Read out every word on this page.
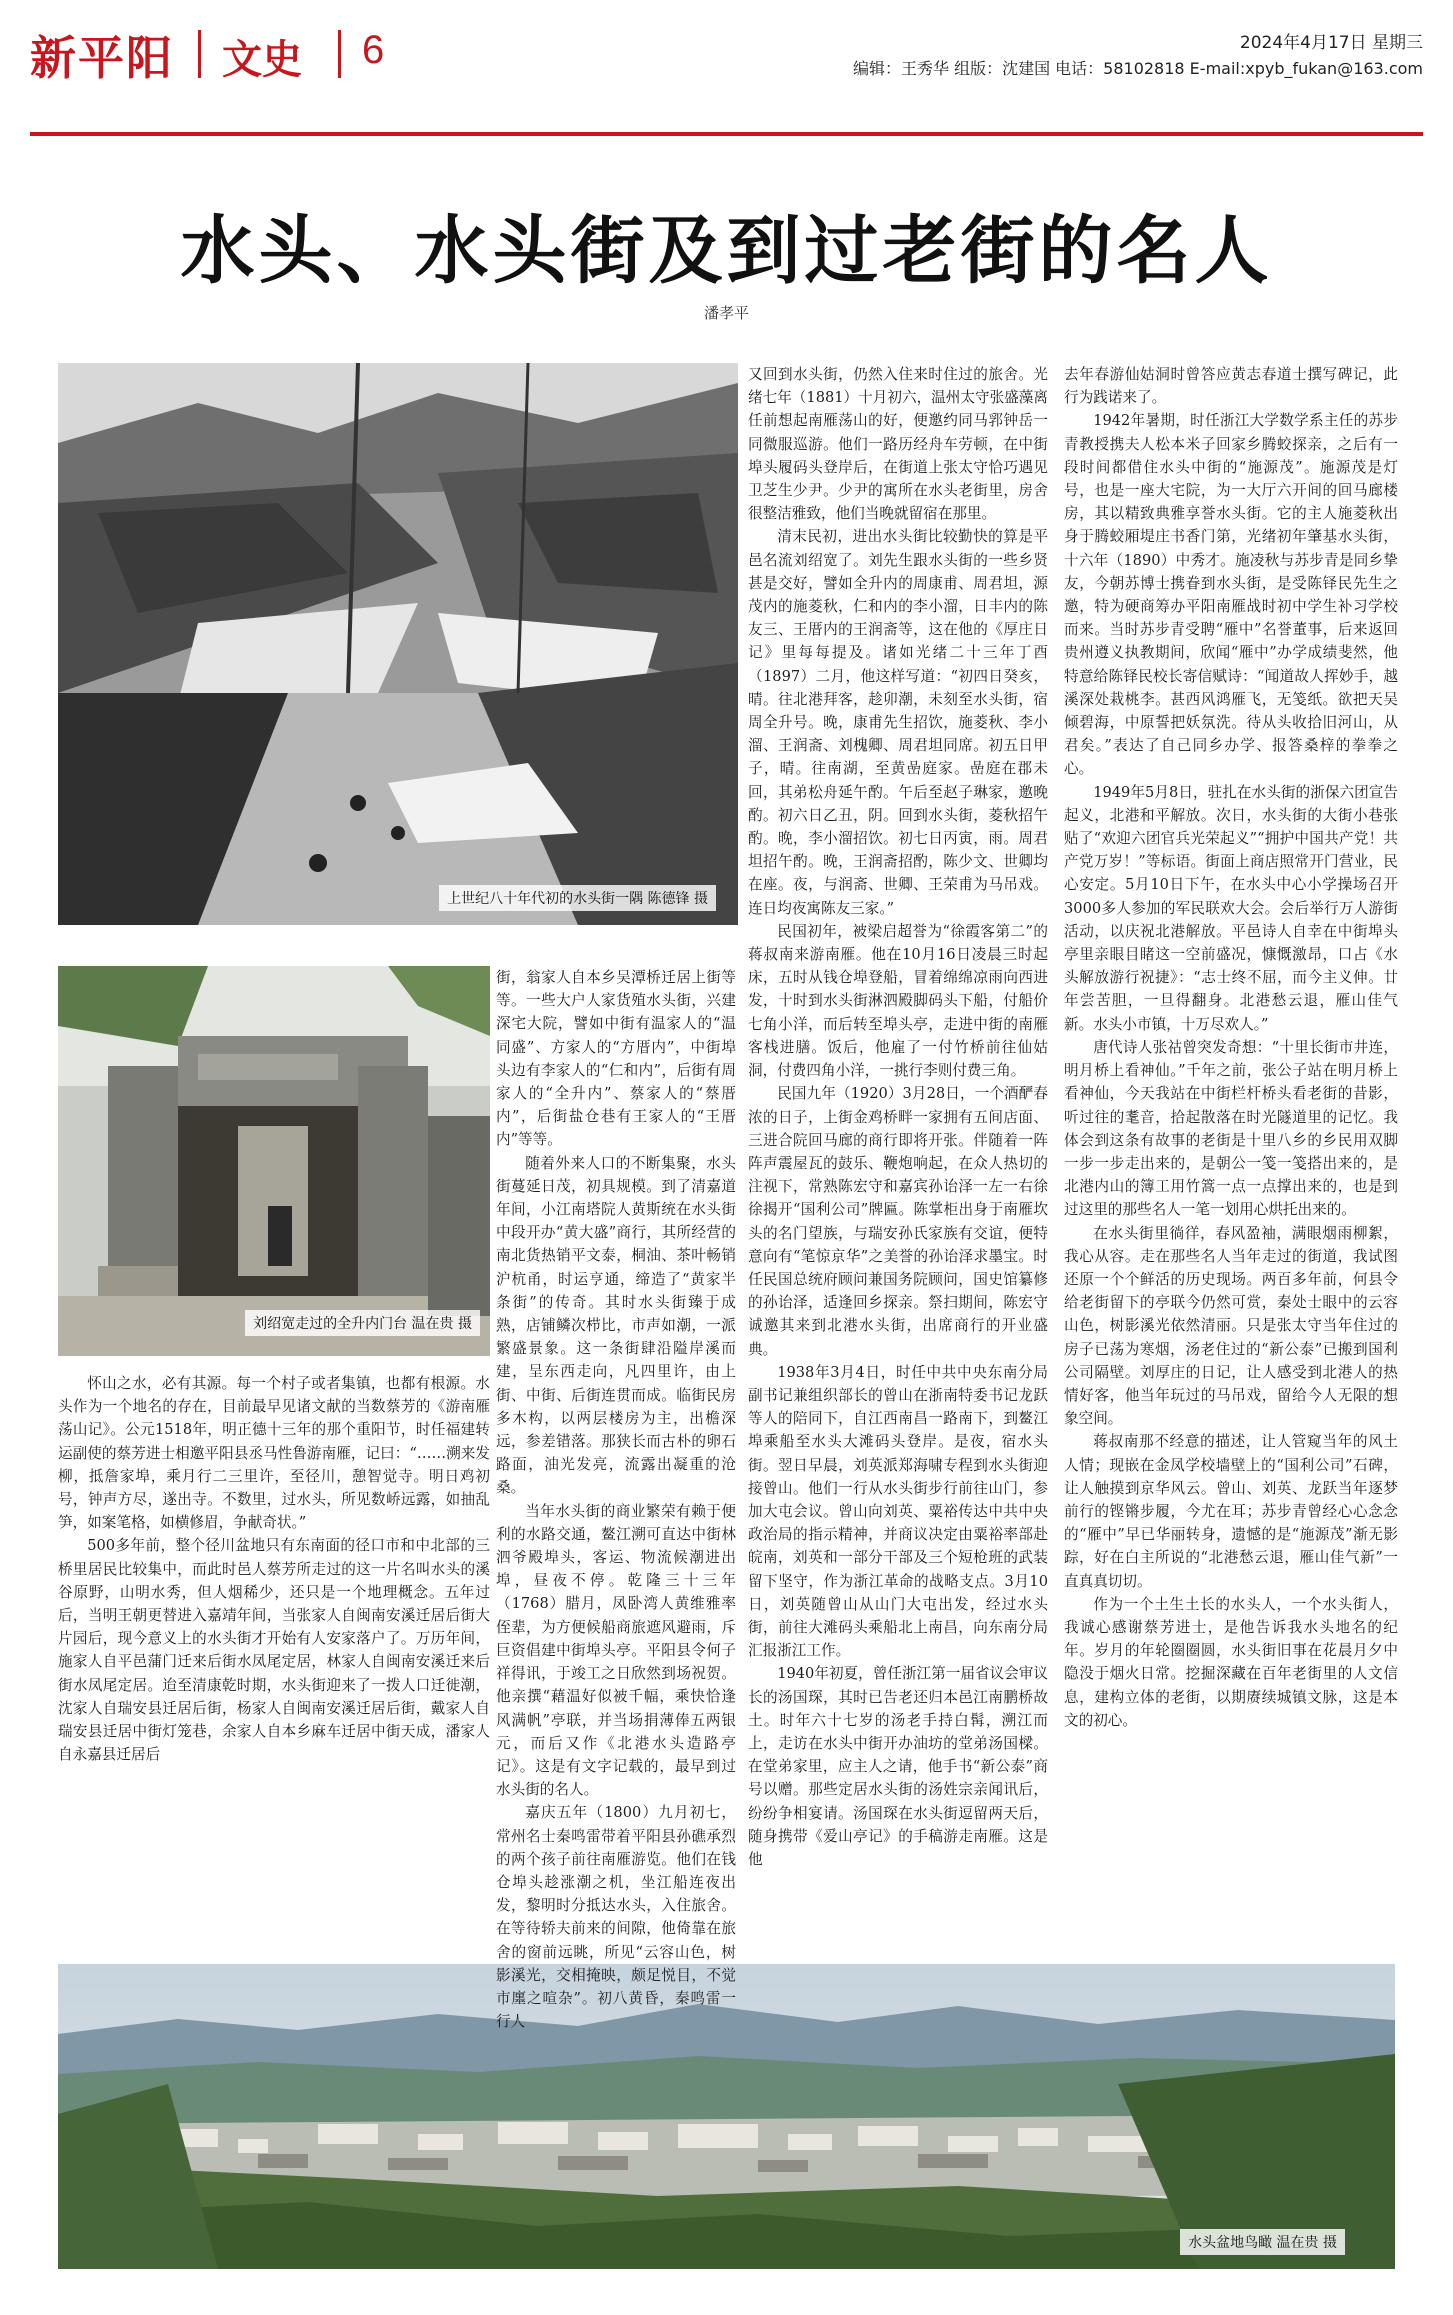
新平阳 文史 6	2024年4月17日 星期三
编辑：王秀华 组版：沈建国 电话：58102818 E-mail:xpyb_fukan@163.com
水头、水头街及到过老街的名人
潘孝平
上世纪八十年代初的水头街一隅 陈德锋 摄
刘绍宽走过的全升内门台 温在贵 摄
水头盆地鸟瞰 温在贵 摄

怀山之水，必有其源。每一个村子或者集镇，也都有根源。水头作为一个地名的存在，目前最早见诸文献的当数蔡芳的《游南雁荡山记》。公元1518年，明正德十三年的那个重阳节，时任福建转运副使的蔡芳进士相邀平阳县丞马性鲁游南雁，记曰：“……溯来发柳，抵詹家埠，乘月行二三里许，至径川，憩智觉寺。明日鸡初号，钟声方尽，遂出寺。不数里，过水头，所见数峤远露，如抽乱笋，如案笔格，如横修眉，争献奇状。”

500多年前，整个径川盆地只有东南面的径口市和中北部的三桥里居民比较集中，而此时邑人蔡芳所走过的这一片名叫水头的溪谷原野，山明水秀，但人烟稀少，还只是一个地理概念。五年过后，当明王朝更替进入嘉靖年间，当张家人自闽南安溪迁居后街大片园后，现今意义上的水头街才开始有人安家落户了。万历年间，施家人自平邑蒲门迁来后街水凤尾定居，林家人自闽南安溪迁来后街水凤尾定居。迨至清康乾时期，水头街迎来了一拨人口迁徙潮，沈家人自瑞安县迁居后街，杨家人自闽南安溪迁居后街，戴家人自瑞安县迁居中街灯笼巷，余家人自本乡麻车迁居中街天成，潘家人自永嘉县迁居后

街，翁家人自本乡吴潭桥迁居上街等等。一些大户人家货殖水头街，兴建深宅大院，譬如中街有温家人的“温同盛”、方家人的“方厝内”，中街埠头边有李家人的“仁和内”，后街有周家人的“全升内”、蔡家人的“蔡厝内”，后街盐仓巷有王家人的“王厝内”等等。

随着外来人口的不断集聚，水头街蔓延日茂，初具规模。到了清嘉道年间，小江南塔院人黄斯统在水头街中段开办“黄大盛”商行，其所经营的南北货热销平文泰，桐油、茶叶畅销沪杭甬，时运亨通，缔造了“黄家半条街”的传奇。其时水头街臻于成熟，店铺鳞次栉比，市声如潮，一派繁盛景象。这一条街肆沿隘岸溪而建，呈东西走向，凡四里许，由上街、中街、后街连贯而成。临街民房多木构，以两层楼房为主，出檐深远，参差错落。那狭长而古朴的卵石路面，油光发亮，流露出凝重的沧桑。

当年水头街的商业繁荣有赖于便利的水路交通，鳌江溯可直达中街林泗爷殿埠头，客运、物流候潮进出埠，昼夜不停。乾隆三十三年（1768）腊月，凤卧湾人黄维雅率侄辈，为方便候船商旅遮风避雨，斥巨资倡建中街埠头亭。平阳县令何子祥得讯，于竣工之日欣然到场祝贺。他亲撰“藉温好似被千幅，乘快恰逢风满帆”亭联，并当场捐薄俸五两银元，而后又作《北港水头造路亭记》。这是有文字记载的，最早到过水头街的名人。

嘉庆五年（1800）九月初七，常州名士秦鸣雷带着平阳县孙礁承烈的两个孩子前往南雁游览。他们在钱仓埠头趁涨潮之机，坐江船连夜出发，黎明时分抵达水头，入住旅舍。在等待轿夫前来的间隙，他倚靠在旅舍的窗前远眺，所见“云容山色，树影溪光，交相掩映，颇足悦目，不觉市廛之喧杂”。初八黄昏，秦鸣雷一行人

又回到水头街，仍然入住来时住过的旅舍。光绪七年（1881）十月初六，温州太守张盛藻离任前想起南雁荡山的好，便邀约同马郛钟岳一同微服巡游。他们一路历经舟车劳顿，在中街埠头履码头登岸后，在街道上张太守恰巧遇见卫芝生少尹。少尹的寓所在水头老街里，房舍很整洁雅致，他们当晚就留宿在那里。

清末民初，进出水头街比较勤快的算是平邑名流刘绍宽了。刘先生跟水头街的一些乡贤甚是交好，譬如全升内的周康甫、周君坦，源茂内的施菱秋，仁和内的李小溜，日丰内的陈友三、王厝内的王润斋等，这在他的《厚庄日记》里每每提及。诸如光绪二十三年丁酉（1897）二月，他这样写道：“初四日癸亥，晴。往北港拜客，趁卯潮，未刻至水头街，宿周全升号。晚，康甫先生招饮，施菱秋、李小溜、王润斋、刘槐卿、周君坦同席。初五日甲子，晴。往南湖，至黄嵒庭家。嵒庭在郡未回，其弟松舟延午酌。午后至赵子琳家，邀晚酌。初六日乙丑，阴。回到水头街，菱秋招午酌。晚，李小溜招饮。初七日丙寅，雨。周君坦招午酌。晚，王润斋招酌，陈少文、世卿均在座。夜，与润斋、世卿、王荣甫为马吊戏。连日均夜寓陈友三家。”

民国初年，被梁启超誉为“徐霞客第二”的蒋叔南来游南雁。他在10月16日凌晨三时起床，五时从钱仓埠登船，冒着绵绵凉雨向西进发，十时到水头街淋泗殿脚码头下船，付船价七角小洋，而后转至埠头亭，走进中街的南雁客栈进膳。饭后，他雇了一付竹桥前往仙姑洞，付费四角小洋，一挑行李则付费三角。

民国九年（1920）3月28日，一个酒酽春浓的日子，上街金鸡桥畔一家拥有五间店面、三进合院回马廊的商行即将开张。伴随着一阵阵声震屋瓦的鼓乐、鞭炮响起，在众人热切的注视下，常熟陈宏守和嘉宾孙诒泽一左一右徐徐揭开“国利公司”牌匾。陈掌柜出身于南雁坎头的名门望族，与瑞安孙氏家族有交谊，便特意向有“笔惊京华”之美誉的孙诒泽求墨宝。时任民国总统府顾问兼国务院顾问，国史馆纂修的孙诒泽，适逢回乡探亲。祭扫期间，陈宏守诚邀其来到北港水头街，出席商行的开业盛典。

1938年3月4日，时任中共中央东南分局副书记兼组织部长的曾山在浙南特委书记龙跃等人的陪同下，自江西南昌一路南下，到鳌江埠乘船至水头大滩码头登岸。是夜，宿水头街。翌日早晨，刘英派郑海啸专程到水头街迎接曾山。他们一行从水头街步行前往山门，参加大屯会议。曾山向刘英、粟裕传达中共中央政治局的指示精神，并商议决定由粟裕率部赴皖南，刘英和一部分干部及三个短枪班的武装留下坚守，作为浙江革命的战略支点。3月10日，刘英随曾山从山门大屯出发，经过水头街，前往大滩码头乘船北上南昌，向东南分局汇报浙江工作。

1940年初夏，曾任浙江第一届省议会审议长的汤国琛，其时已告老还归本邑江南鹏桥故土。时年六十七岁的汤老手持白髯，溯江而上，走访在水头中街开办油坊的堂弟汤国樑。在堂弟家里，应主人之请，他手书“新公泰”商号以赠。那些定居水头街的汤姓宗亲闻讯后，纷纷争相宴请。汤国琛在水头街逗留两天后，随身携带《爱山亭记》的手稿游走南雁。这是他

去年春游仙姑洞时曾答应黄志春道士撰写碑记，此行为践诺来了。

1942年暑期，时任浙江大学数学系主任的苏步青教授携夫人松本米子回家乡腾蛟探亲，之后有一段时间都借住水头中街的“施源茂”。施源茂是灯号，也是一座大宅院，为一大厅六开间的回马廊楼房，其以精致典雅享誉水头街。它的主人施菱秋出身于腾蛟厢堤庄书香门第，光绪初年肇基水头街，十六年（1890）中秀才。施凌秋与苏步青是同乡挚友，今朝苏博士携眷到水头街，是受陈铎民先生之邀，特为硬商筹办平阳南雁战时初中学生补习学校而来。当时苏步青受聘“雁中”名誉董事，后来返回贵州遵义执教期间，欣闻“雁中”办学成绩斐然，他特意给陈铎民校长寄信赋诗：“闻道故人挥妙手，越溪深处栽桃李。甚西风鸿雁飞，无笺纸。欲把天吴倾碧海，中原誓把妖氛洗。待从头收拾旧河山，从君矣。”表达了自己同乡办学、报答桑梓的拳拳之心。

1949年5月8日，驻扎在水头街的浙保六团宣告起义，北港和平解放。次日，水头街的大街小巷张贴了“欢迎六团官兵光荣起义”“拥护中国共产党！共产党万岁！”等标语。街面上商店照常开门营业，民心安定。5月10日下午，在水头中心小学操场召开3000多人参加的军民联欢大会。会后举行万人游街活动，以庆祝北港解放。平邑诗人自幸在中街埠头亭里亲眼目睹这一空前盛况，慷慨激昂，口占《水头解放游行祝捷》：“志士终不屈，而今主义伸。廿年尝苦胆，一旦得翻身。北港愁云退，雁山佳气新。水头小市镇，十万尽欢人。”

唐代诗人张祜曾突发奇想：“十里长街市井连，明月桥上看神仙。”千年之前，张公子站在明月桥上看神仙，今天我站在中街栏杆桥头看老街的昔影，听过往的耄音，拾起散落在时光隧道里的记忆。我体会到这条有故事的老街是十里八乡的乡民用双脚一步一步走出来的，是朝公一笺一笺搭出来的，是北港内山的簿工用竹篙一点一点撑出来的，也是到过这里的那些名人一笔一划用心烘托出来的。

在水头街里徜徉，春风盈袖，满眼烟雨柳絮，我心从容。走在那些名人当年走过的街道，我试图还原一个个鲜活的历史现场。两百多年前，何县令给老街留下的亭联今仍然可赏，秦处士眼中的云容山色，树影溪光依然清丽。只是张太守当年住过的房子已荡为寒烟，汤老住过的“新公泰”已搬到国利公司隔壁。刘厚庄的日记，让人感受到北港人的热情好客，他当年玩过的马吊戏，留给今人无限的想象空间。

蒋叔南那不经意的描述，让人管窥当年的风土人情；现嵌在金凤学校墙壁上的“国利公司”石碑，让人触摸到京华风云。曾山、刘英、龙跃当年逐梦前行的铿锵步履，今尤在耳；苏步青曾经心心念念的“雁中”早已华丽转身，遗憾的是“施源茂”渐无影踪，好在白主所说的“北港愁云退，雁山佳气新”一直真真切切。

作为一个土生土长的水头人，一个水头街人，我诚心感谢蔡芳进士，是他告诉我水头地名的纪年。岁月的年轮圈圈圆，水头街旧事在花晨月夕中隐没于烟火日常。挖掘深藏在百年老街里的人文信息，建构立体的老街，以期赓续城镇文脉，这是本文的初心。
